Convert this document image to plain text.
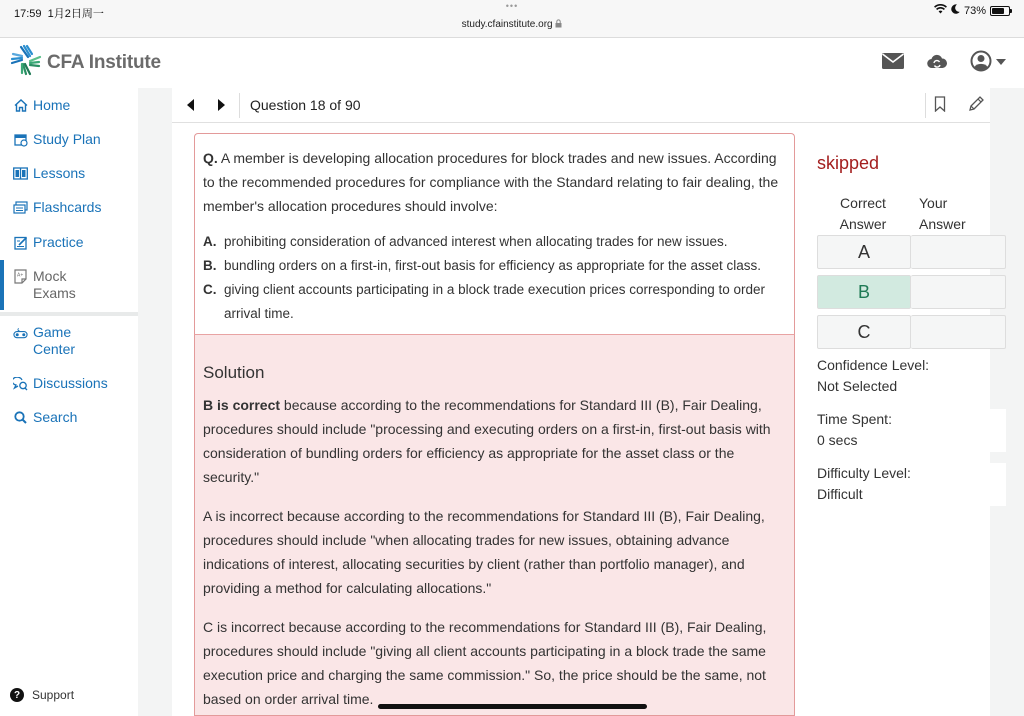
17:59 1月2日周一
•••
study.cfainstitute.org
73%
CFA Institute
Home
Study Plan
Lessons
Flashcards
Practice
A+ Mock Exams
Game Center
Discussions
Search
? Support
Question 18 of 90
Q. A member is developing allocation procedures for block trades and new issues. According to the recommended procedures for compliance with the Standard relating to fair dealing, the member's allocation procedures should involve:
A. prohibiting consideration of advanced interest when allocating trades for new issues.
B. bundling orders on a first-in, first-out basis for efficiency as appropriate for the asset class.
C. giving client accounts participating in a block trade execution prices corresponding to order arrival time.
Solution

B is correct because according to the recommendations for Standard III (B), Fair Dealing, procedures should include "processing and executing orders on a first-in, first-out basis with consideration of bundling orders for efficiency as appropriate for the asset class or the security."

A is incorrect because according to the recommendations for Standard III (B), Fair Dealing, procedures should include "when allocating trades for new issues, obtaining advance indications of interest, allocating securities by client (rather than portfolio manager), and providing a method for calculating allocations."

C is incorrect because according to the recommendations for Standard III (B), Fair Dealing, procedures should include "giving all client accounts participating in a block trade the same execution price and charging the same commission." So, the price should be the same, not based on order arrival time.

skipped
Correct Answer
Your Answer
A
B
C
Confidence Level:
Not Selected
Time Spent:
0 secs
Difficulty Level:
Difficult
